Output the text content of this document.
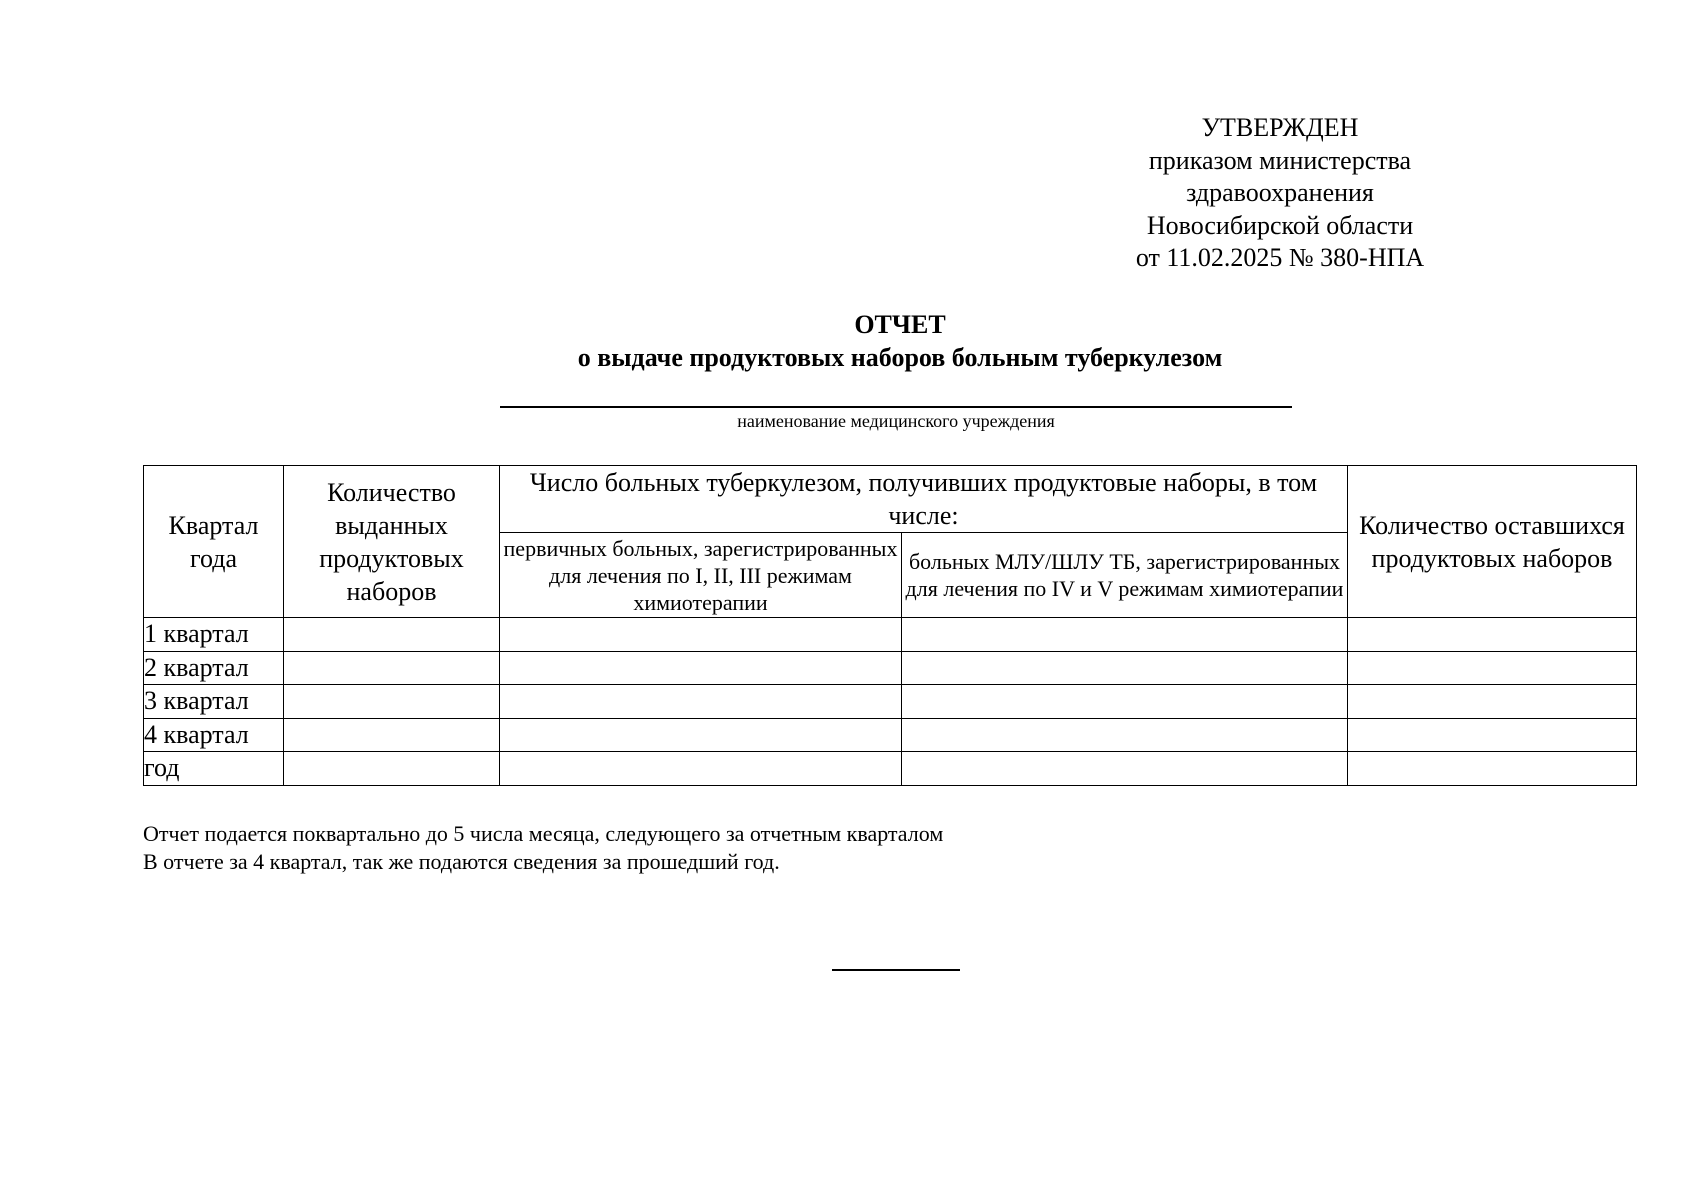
УТВЕРЖДЕН
приказом министерства
здравоохранения
Новосибирской области
от 11.02.2025 № 380-НПА
ОТЧЕТ
о выдаче продуктовых наборов больным туберкулезом
наименование медицинского учреждения
Квартал года	Количество выданных продуктовых наборов	Число больных туберкулезом, получивших продуктовые наборы, в том числе:		Количество оставшихся продуктовых наборов
		первичных больных, зарегистрированных для лечения по I, II, III режимам химиотерапии	больных МЛУ/ШЛУ ТБ, зарегистрированных для лечения по IV и V режимам химиотерапии	
1 квартал				
2 квартал				
3 квартал				
4 квартал				
год				
Отчет подается поквартально до 5 числа месяца, следующего за отчетным кварталом
В отчете за 4 квартал, так же подаются сведения за прошедший год.
